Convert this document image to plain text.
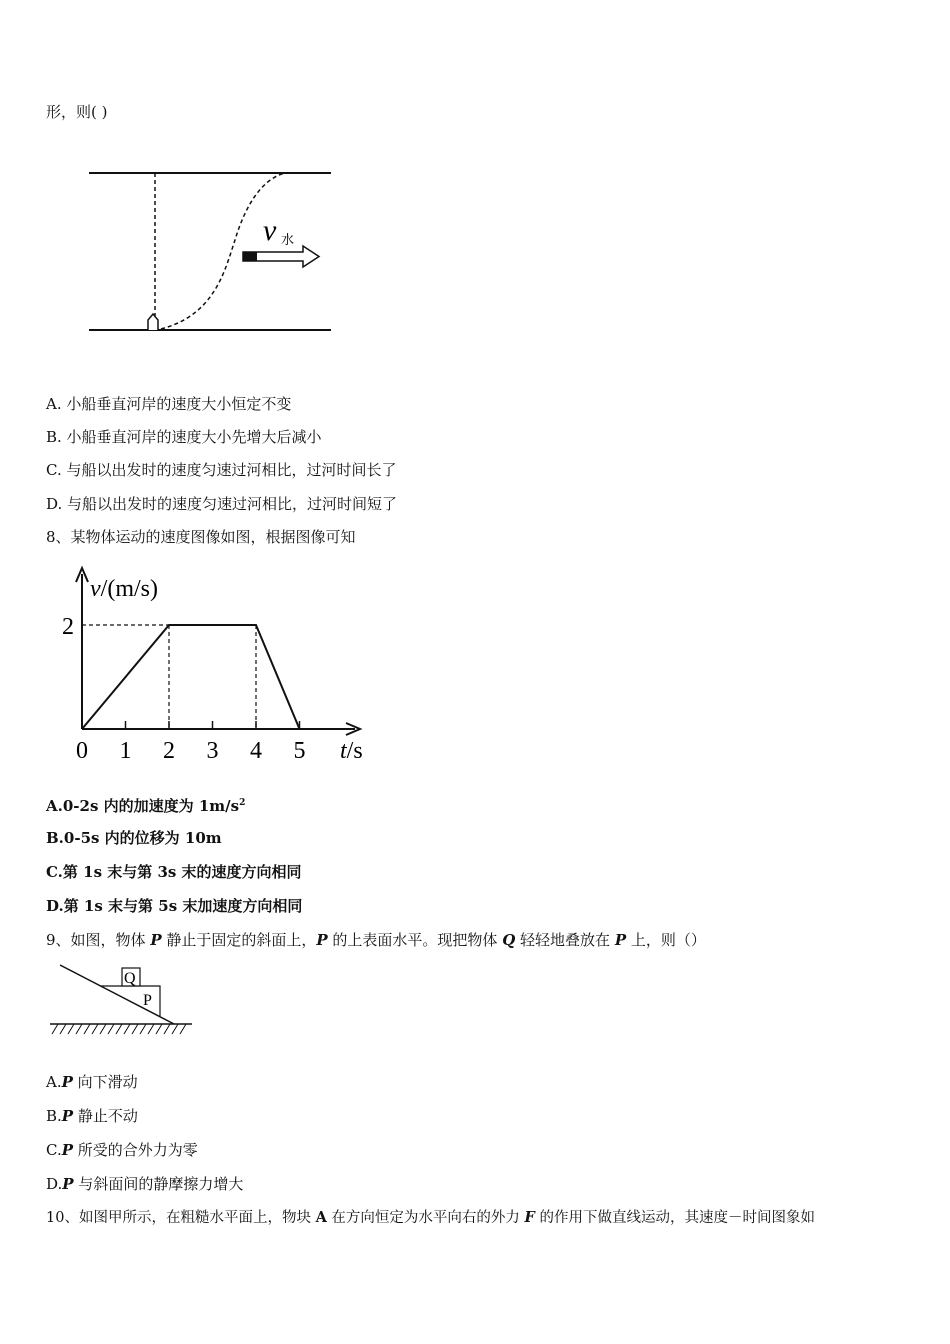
形，则( )
v 水
A. 小船垂直河岸的速度大小恒定不变
B. 小船垂直河岸的速度大小先增大后减小
C. 与船以出发时的速度匀速过河相比，过河时间长了
D. 与船以出发时的速度匀速过河相比，过河时间短了
8、某物体运动的速度图像如图，根据图像可知
v/(m/s)
t/s
0 1 2 3 4 5
2
A.0-2s 内的加速度为 $1m/s^2$
B.0-5s 内的位移为 10m
C.第 1s 末与第 3s 末的速度方向相同
D.第 1s 末与第 5s 末加速度方向相同
9、如图，物体 P 静止于固定的斜面上，P 的上表面水平。现把物体 Q 轻轻地叠放在 P 上，则（）
Q
P
A.P 向下滑动
B.P 静止不动
C.P 所受的合外力为零
D.P 与斜面间的静摩擦力增大
10、如图甲所示，在粗糙水平面上，物块 A 在方向恒定为水平向右的外力 F 的作用下做直线运动，其速度－时间图象如
